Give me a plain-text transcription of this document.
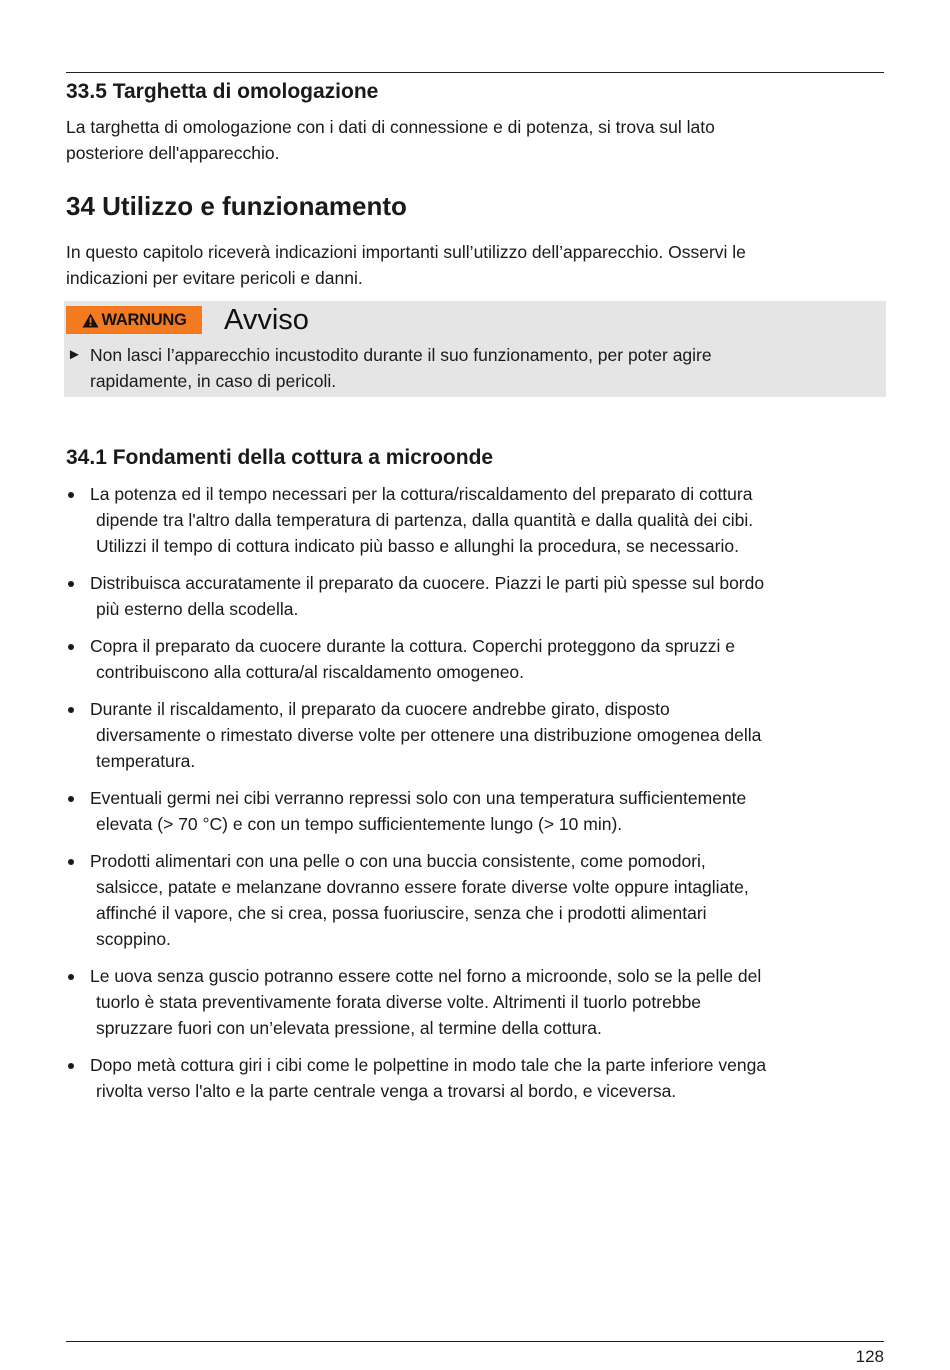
33.5 Targhetta di omologazione

La targhetta di omologazione con i dati di connessione e di potenza, si trova sul lato
posteriore dell'apparecchio.

34 Utilizzo e funzionamento

In questo capitolo riceverà indicazioni importanti sull’utilizzo dell’apparecchio. Osservi le
indicazioni per evitare pericoli e danni.

WARNUNG Avviso
► Non lasci l’apparecchio incustodito durante il suo funzionamento, per poter agire
rapidamente, in caso di pericoli.
34.1 Fondamenti della cottura a microonde
La potenza ed il tempo necessari per la cottura/riscaldamento del preparato di cottura
dipende tra l'altro dalla temperatura di partenza, dalla quantità e dalla qualità dei cibi.
Utilizzi il tempo di cottura indicato più basso e allunghi la procedura, se necessario.
Distribuisca accuratamente il preparato da cuocere. Piazzi le parti più spesse sul bordo
più esterno della scodella.
Copra il preparato da cuocere durante la cottura. Coperchi proteggono da spruzzi e
contribuiscono alla cottura/al riscaldamento omogeneo.
Durante il riscaldamento, il preparato da cuocere andrebbe girato, disposto
diversamente o rimestato diverse volte per ottenere una distribuzione omogenea della
temperatura.
Eventuali germi nei cibi verranno repressi solo con una temperatura sufficientemente
elevata (> 70 °C) e con un tempo sufficientemente lungo (> 10 min).
Prodotti alimentari con una pelle o con una buccia consistente, come pomodori,
salsicce, patate e melanzane dovranno essere forate diverse volte oppure intagliate,
affinché il vapore, che si crea, possa fuoriuscire, senza che i prodotti alimentari
scoppino.
Le uova senza guscio potranno essere cotte nel forno a microonde, solo se la pelle del
tuorlo è stata preventivamente forata diverse volte. Altrimenti il tuorlo potrebbe
spruzzare fuori con un’elevata pressione, al termine della cottura.
Dopo metà cottura giri i cibi come le polpettine in modo tale che la parte inferiore venga
rivolta verso l'alto e la parte centrale venga a trovarsi al bordo, e viceversa.
128
